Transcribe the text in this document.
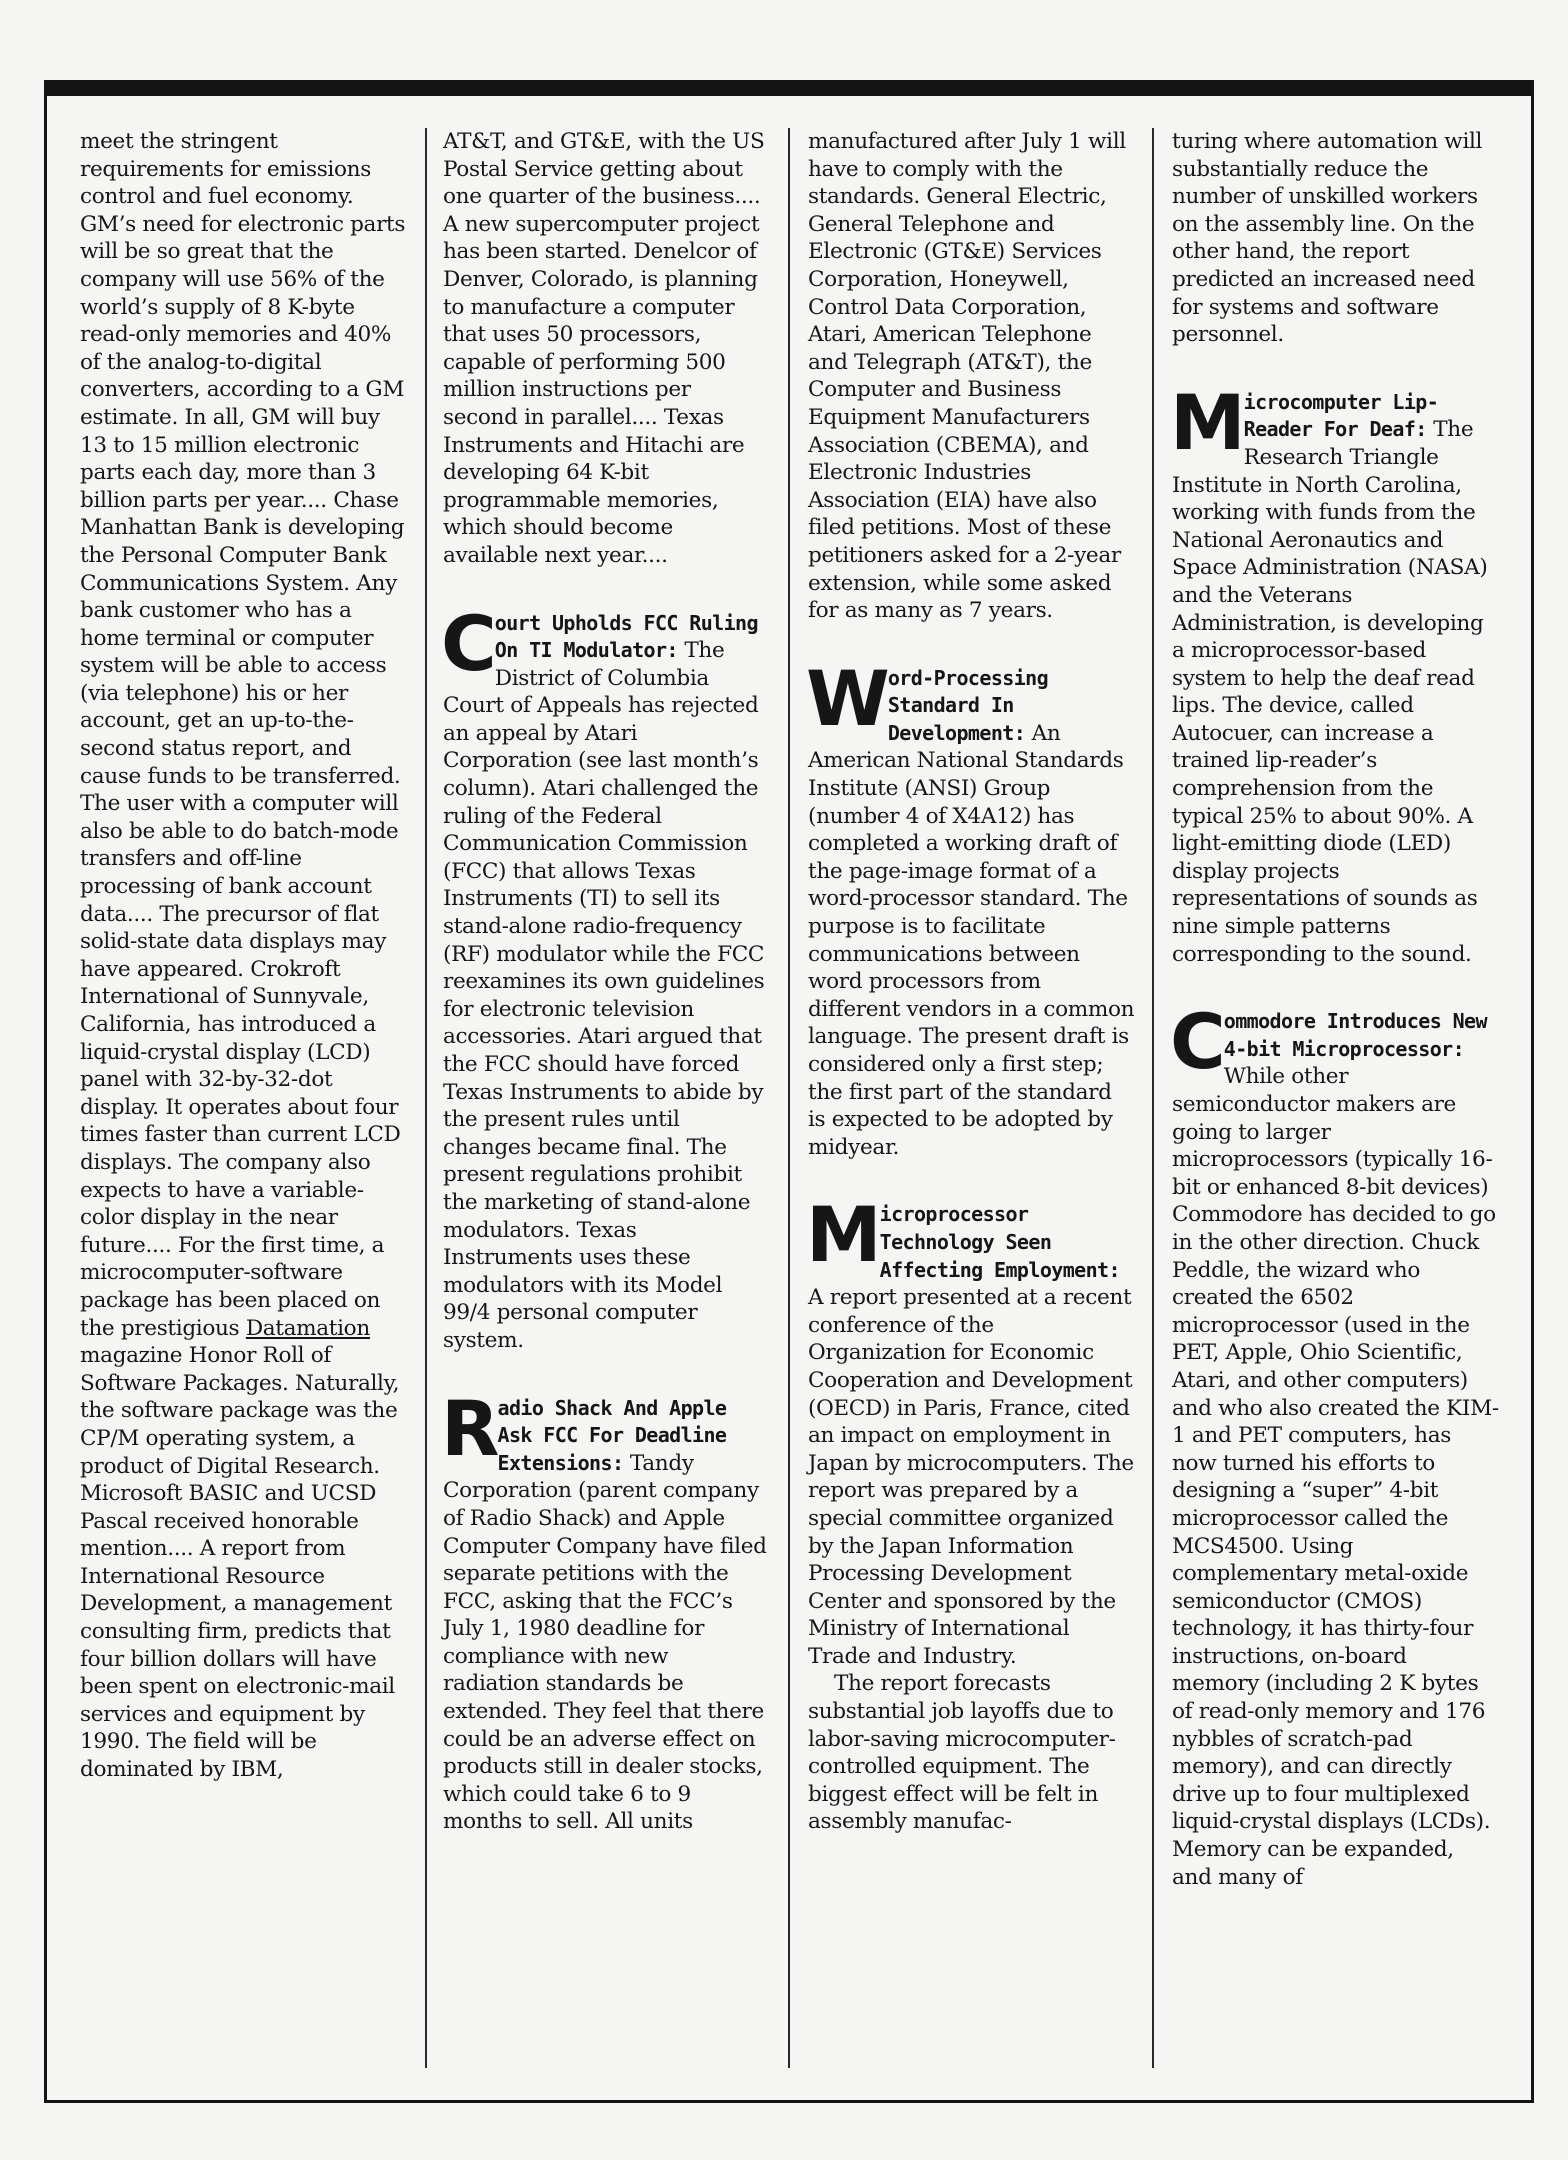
meet the stringent requirements for emissions control and fuel economy. GM’s need for electronic parts will be so great that the company will use 56% of the world’s supply of 8 K-byte read-only memories and 40% of the analog-to-digital converters, according to a GM estimate. In all, GM will buy 13 to 15 million electronic parts each day, more than 3 billion parts per year.... Chase Manhattan Bank is developing the Personal Computer Bank Communications System. Any bank customer who has a home terminal or computer system will be able to access (via telephone) his or her account, get an up-to-the-second status report, and cause funds to be transferred. The user with a computer will also be able to do batch-mode transfers and off-line processing of bank account data.... The precursor of flat solid-state data displays may have appeared. Crokroft International of Sunnyvale, California, has introduced a liquid-crystal display (LCD) panel with 32-by-32-dot display. It operates about four times faster than current LCD displays. The company also expects to have a variable-color display in the near future.... For the first time, a microcomputer-software package has been placed on the prestigious Datamation magazine Honor Roll of Software Packages. Naturally, the software package was the CP/M operating system, a product of Digital Research. Microsoft BASIC and UCSD Pascal received honorable mention.... A report from International Resource Development, a management consulting firm, predicts that four billion dollars will have been spent on electronic-mail services and equipment by 1990. The field will be dominated by IBM,

AT&T, and GT&E, with the US Postal Service getting about one quarter of the business.... A new supercomputer project has been started. Denelcor of Denver, Colorado, is planning to manufacture a computer that uses 50 processors, capable of performing 500 million instructions per second in parallel.... Texas Instruments and Hitachi are developing 64 K-bit programmable memories, which should become available next year....

Court Upholds FCC Ruling On TI Modulator: The District of Columbia Court of Appeals has rejected an appeal by Atari Corporation (see last month’s column). Atari challenged the ruling of the Federal Communication Commission (FCC) that allows Texas Instruments (TI) to sell its stand-alone radio-frequency (RF) modulator while the FCC reexamines its own guidelines for electronic television accessories. Atari argued that the FCC should have forced Texas Instruments to abide by the present rules until changes became final. The present regulations prohibit the marketing of stand-alone modulators. Texas Instruments uses these modulators with its Model 99/4 personal computer system.

Radio Shack And Apple Ask FCC For Deadline Extensions: Tandy Corporation (parent company of Radio Shack) and Apple Computer Company have filed separate petitions with the FCC, asking that the FCC’s July 1, 1980 deadline for compliance with new radiation standards be extended. They feel that there could be an adverse effect on products still in dealer stocks, which could take 6 to 9 months to sell. All units

manufactured after July 1 will have to comply with the standards. General Electric, General Telephone and Electronic (GT&E) Services Corporation, Honeywell, Control Data Corporation, Atari, American Telephone and Telegraph (AT&T), the Computer and Business Equipment Manufacturers Association (CBEMA), and Electronic Industries Association (EIA) have also filed petitions. Most of these petitioners asked for a 2-year extension, while some asked for as many as 7 years.

Word-Processing Standard In Development: An American National Standards Institute (ANSI) Group (number 4 of X4A12) has completed a working draft of the page-image format of a word-processor standard. The purpose is to facilitate communications between word processors from different vendors in a common language. The present draft is considered only a first step; the first part of the standard is expected to be adopted by midyear.

Microprocessor Technology Seen Affecting Employment: A report presented at a recent conference of the Organization for Economic Cooperation and Development (OECD) in Paris, France, cited an impact on employment in Japan by microcomputers. The report was prepared by a special committee organized by the Japan Information Processing Development Center and sponsored by the Ministry of International Trade and Industry.

The report forecasts substantial job layoffs due to labor-saving microcomputer-controlled equipment. The biggest effect will be felt in assembly manufac-

turing where automation will substantially reduce the number of unskilled workers on the assembly line. On the other hand, the report predicted an increased need for systems and software personnel.

Microcomputer Lip-Reader For Deaf: The Research Triangle Institute in North Carolina, working with funds from the National Aeronautics and Space Administration (NASA) and the Veterans Administration, is developing a microprocessor-based system to help the deaf read lips. The device, called Autocuer, can increase a trained lip-reader’s comprehension from the typical 25% to about 90%. A light-emitting diode (LED) display projects representations of sounds as nine simple patterns corresponding to the sound.

Commodore Introduces New 4-bit Microprocessor: While other semiconductor makers are going to larger microprocessors (typically 16-bit or enhanced 8-bit devices) Commodore has decided to go in the other direction. Chuck Peddle, the wizard who created the 6502 microprocessor (used in the PET, Apple, Ohio Scientific, Atari, and other computers) and who also created the KIM-1 and PET computers, has now turned his efforts to designing a “super” 4-bit microprocessor called the MCS4500. Using complementary metal-oxide semiconductor (CMOS) technology, it has thirty-four instructions, on-board memory (including 2 K bytes of read-only memory and 176 nybbles of scratch-pad memory), and can directly drive up to four multiplexed liquid-crystal displays (LCDs). Memory can be expanded, and many of
